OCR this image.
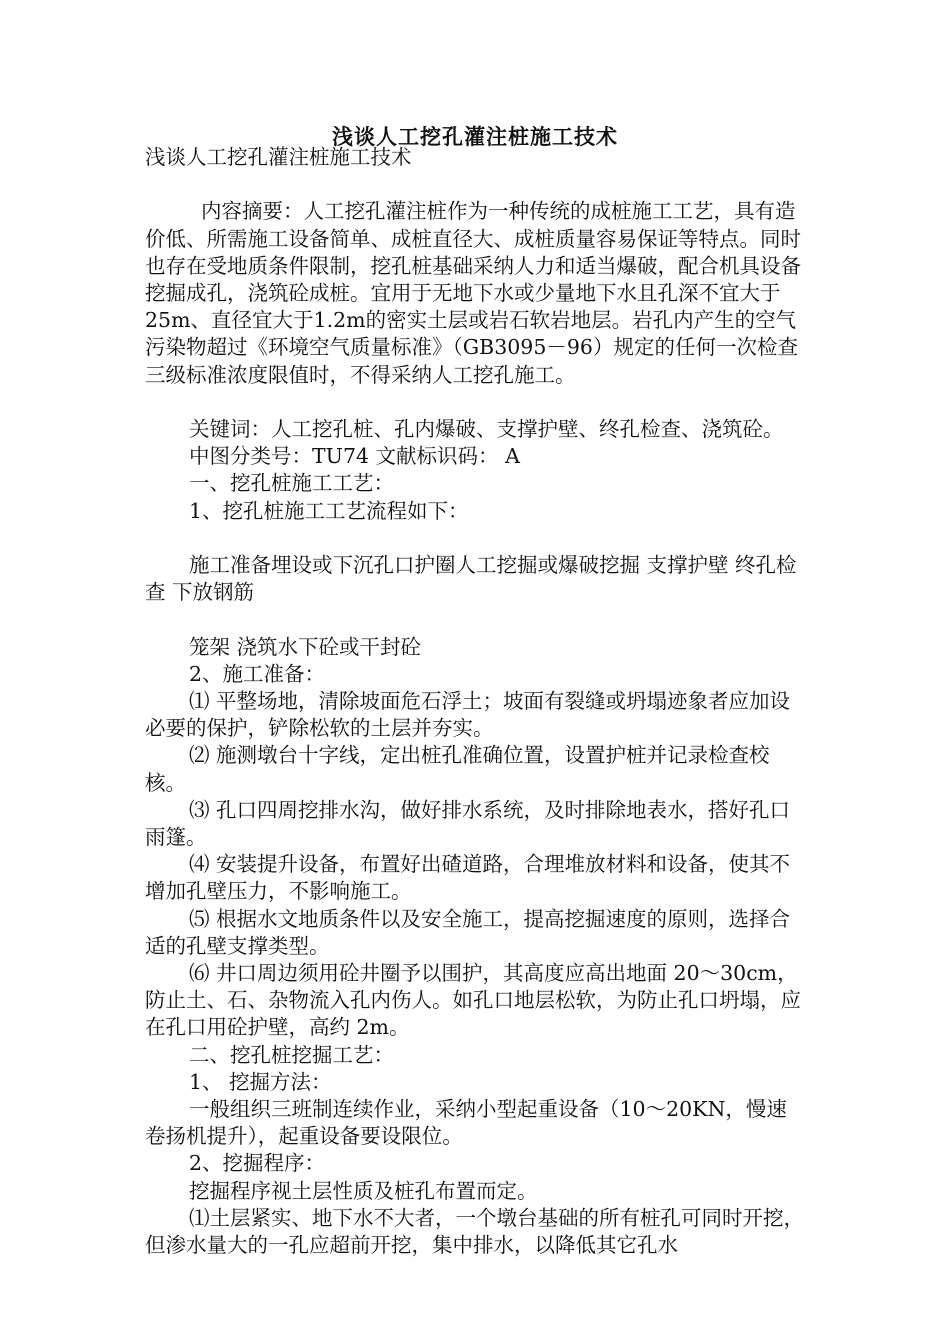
浅谈人工挖孔灌注桩施工技术

浅谈人工挖孔灌注桩施工技术

内容摘要：人工挖孔灌注桩作为一种传统的成桩施工工艺，具有造价低、所需施工设备简单、成桩直径大、成桩质量容易保证等特点。同时也存在受地质条件限制，挖孔桩基础采纳人力和适当爆破，配合机具设备挖掘成孔，浇筑砼成桩。宜用于无地下水或少量地下水且孔深不宜大于25m、直径宜大于1.2m的密实土层或岩石软岩地层。岩孔内产生的空气污染物超过《环境空气质量标准》（GB3095－96）规定的任何一次检查三级标准浓度限值时，不得采纳人工挖孔施工。

关键词：人工挖孔桩、孔内爆破、支撑护壁、终孔检查、浇筑砼。

中图分类号：TU74 文献标识码： A

一、挖孔桩施工工艺：

1、挖孔桩施工工艺流程如下：

施工准备埋设或下沉孔口护圈人工挖掘或爆破挖掘 支撑护壁 终孔检查 下放钢筋

笼架 浇筑水下砼或干封砼

2、施工准备：

⑴ 平整场地，清除坡面危石浮土；坡面有裂缝或坍塌迹象者应加设必要的保护，铲除松软的土层并夯实。

⑵ 施测墩台十字线，定出桩孔准确位置，设置护桩并记录检查校核。

⑶ 孔口四周挖排水沟，做好排水系统，及时排除地表水，搭好孔口雨篷。

⑷ 安装提升设备，布置好出碴道路，合理堆放材料和设备，使其不增加孔壁压力，不影响施工。

⑸ 根据水文地质条件以及安全施工，提高挖掘速度的原则，选择合适的孔壁支撑类型。

⑹ 井口周边须用砼井圈予以围护，其高度应高出地面 20～30cm，防止土、石、杂物流入孔内伤人。如孔口地层松软，为防止孔口坍塌，应在孔口用砼护壁，高约 2m。

二、挖孔桩挖掘工艺：

1、 挖掘方法：

一般组织三班制连续作业，采纳小型起重设备（10～20KN，慢速卷扬机提升），起重设备要设限位。

2、挖掘程序：

挖掘程序视土层性质及桩孔布置而定。

⑴土层紧实、地下水不大者，一个墩台基础的所有桩孔可同时开挖，但渗水量大的一孔应超前开挖，集中排水，以降低其它孔水
